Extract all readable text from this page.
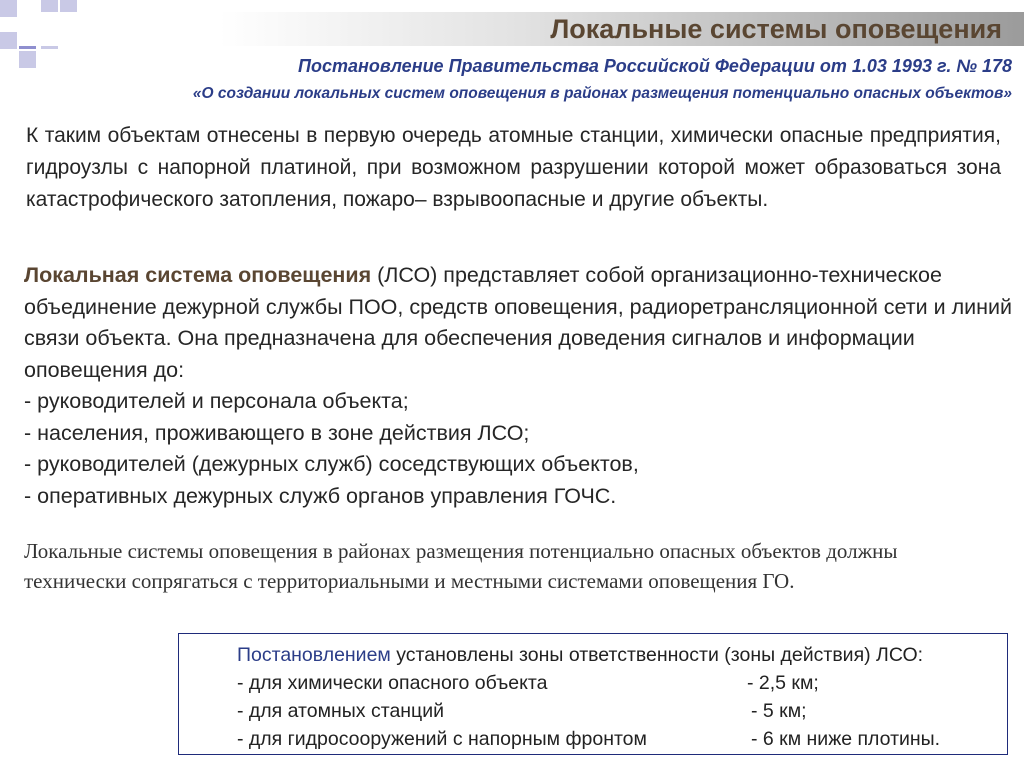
Локальные системы оповещения
Постановление Правительства Российской Федерации от 1.03 1993 г. № 178
«О создании локальных систем оповещения в районах размещения потенциально опасных объектов»
К таким объектам отнесены в первую очередь атомные станции, химически опасные предприятия, гидроузлы с напорной платиной, при возможном разрушении которой может образоваться зона катастрофического затопления, пожаро– взрывоопасные и другие объекты.
Локальная система оповещения (ЛСО) представляет собой организационно-техническое объединение дежурной службы ПОО, средств оповещения, радиоретрансляционной сети и линий связи объекта. Она предназначена для обеспечения доведения сигналов и информации оповещения до:
- руководителей и персонала объекта;
- населения, проживающего в зоне действия ЛСО;
- руководителей (дежурных служб) соседствующих объектов,
- оперативных дежурных служб органов управления ГОЧС.
Локальные системы оповещения в районах размещения потенциально опасных объектов должны технически сопрягаться с территориальными и местными системами оповещения ГО.
Постановлением установлены зоны ответственности (зоны действия) ЛСО:
- для химически опасного объекта	- 2,5 км;
- для атомных станций	- 5 км;
- для гидросооружений с напорным фронтом	- 6 км ниже плотины.
